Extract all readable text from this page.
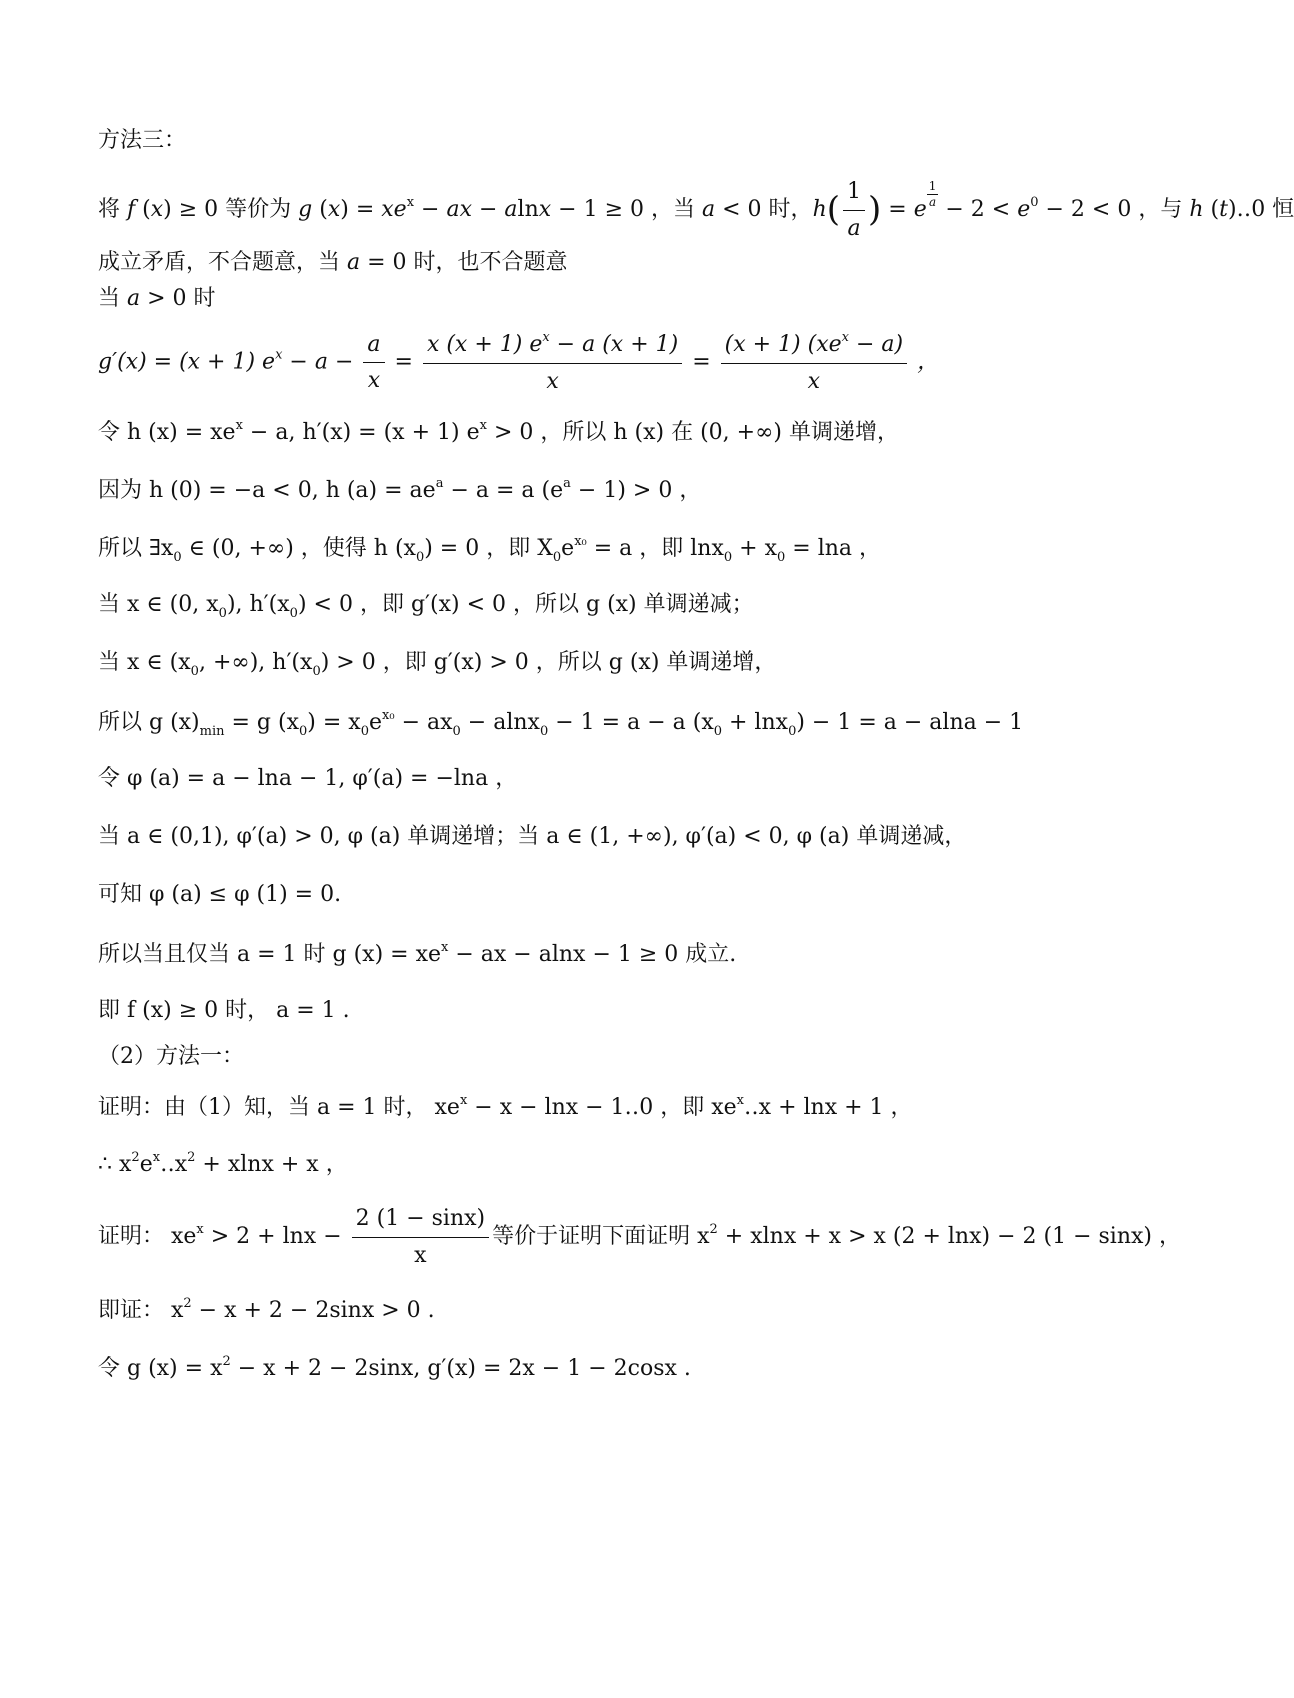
方法三：
将 f (x) ≥ 0 等价为 g $(x) = xe^x$ − ax − alnx − 1 ≥ 0 ，当 a < 0 时，$h( \frac{1}{a}$ ) = e $^{\frac{1}{a}} - 2 < e^0 - 2 < 0$ ，与 h (t)‥0 恒
成立矛盾，不合题意，当 a = 0 时，也不合题意
当 a > 0 时
g′(x) = (x + 1) $e^x - a - \frac{a}{x} = \frac{x (x + 1) e^x - a (x + 1)}{x} = \frac{(x + 1) (xe^x - a)}{x}$ ，
令 h $(x) = xe^x - a$, h′(x) = (x + 1) $e^x > 0$ ，所以 h (x) 在 (0, +∞) 单调递增，
因为 h (0) = −a < 0, h $(a) = ae^a - a = a$ $(e^a - 1) > 0$ ，
所以 $\exists x_0$ ∈ (0, +∞) ，使得 h $(x_0) = 0$ ，即 $X_0e^{x_0} = a$ ，即 $\ln x_0 + x_0 = \ln a$ ，
当 x ∈ (0, $x_0$), $h'(x_0) < 0$ ，即 g′(x) < 0 ，所以 g (x) 单调递减；
当 x ∈ ($x_0$, +∞), $h'(x_0) > 0$ ，即 g′(x) > 0 ，所以 g (x) 单调递增，
所以 g $(x)_{min} = g$ $(x_0) = x_0e^{x_0} - ax_0 - alnx_0 - 1 = a - a$ $(x_0 + \ln x_0) - 1 = a - alna - 1$
令 φ (a) = a − lna − 1, φ′(a) = −lna ，
当 a ∈ (0,1), φ′(a) > 0, φ (a) 单调递增；当 a ∈ (1, +∞), φ′(a) < 0, φ (a) 单调递减，
可知 φ (a) ≤ φ (1) = 0.
所以当且仅当 a = 1 时 g $(x) = xe^x$ − ax − alnx − 1 ≥ 0 成立.
即 f (x) ≥ 0 时， a = 1 .
（2）方法一：
证明：由（1）知，当 a = 1 时， $xe^x - x - \ln x$ − 1‥0 ，即 $xe^x‥x + \ln x + 1$ ，
∴ $x^2e^x‥x^2 + xlnx + x$ ，
证明： $xe^x > 2 + \ln x - \frac{2 (1 - \sin x)}{x}$ 等价于证明下面证明 $x^2 + xlnx + x > x$ (2 + lnx) − 2 (1 − sinx) ，
即证： $x^2 - x + 2 - 2\sin x > 0$ .
令 g $(x) = x^2 - x + 2 - 2\sin x$, g′(x) = 2x − 1 − 2cosx .
